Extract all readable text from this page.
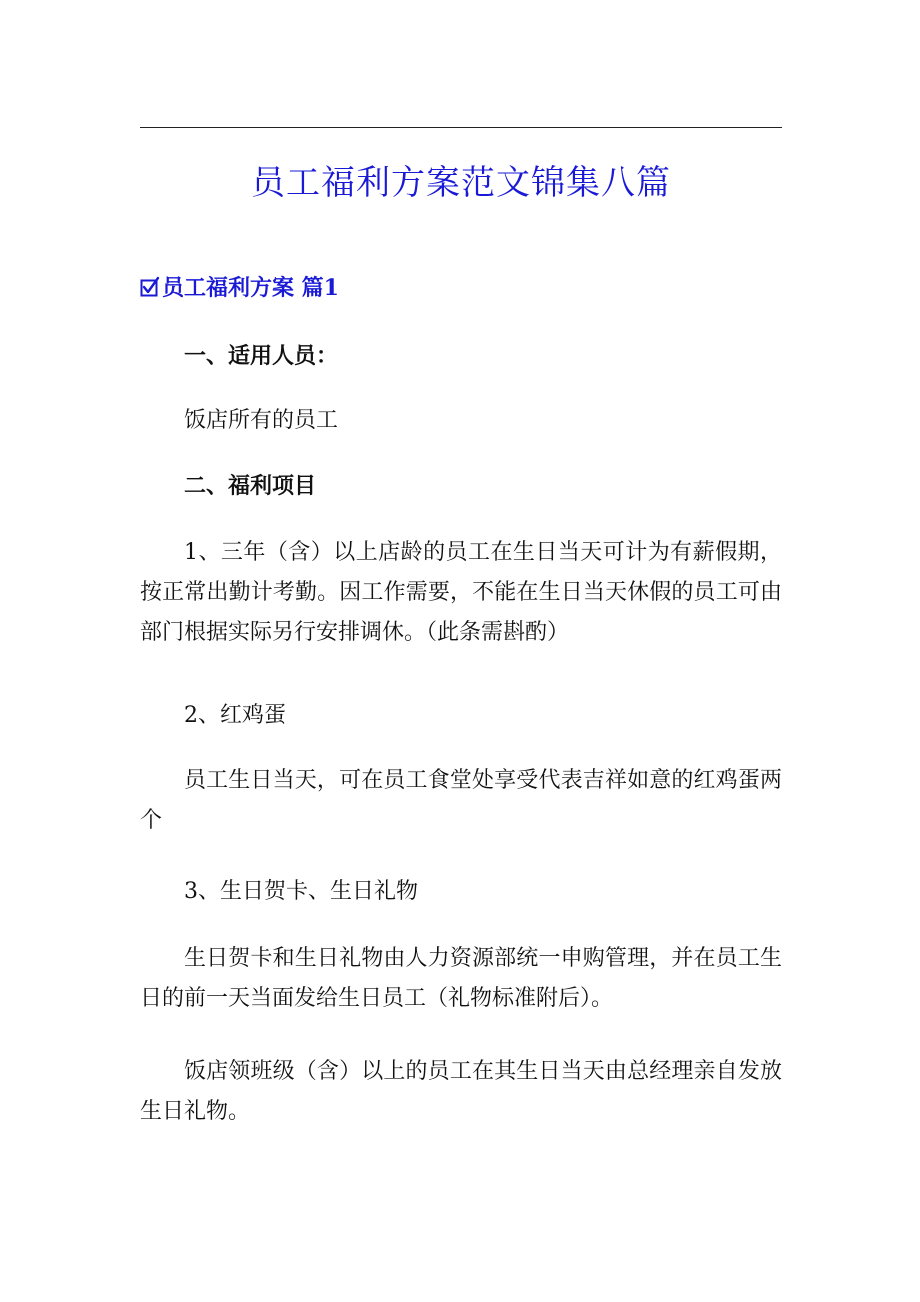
员工福利方案范文锦集八篇
员工福利方案 篇1
一、适用人员：
饭店所有的员工
二、福利项目
1、三年（含）以上店龄的员工在生日当天可计为有薪假期，按正常出勤计考勤。因工作需要，不能在生日当天休假的员工可由部门根据实际另行安排调休。（此条需斟酌）
2、红鸡蛋
员工生日当天，可在员工食堂处享受代表吉祥如意的红鸡蛋两个
3、生日贺卡、生日礼物
生日贺卡和生日礼物由人力资源部统一申购管理，并在员工生日的前一天当面发给生日员工（礼物标准附后）。
饭店领班级（含）以上的员工在其生日当天由总经理亲自发放生日礼物。
